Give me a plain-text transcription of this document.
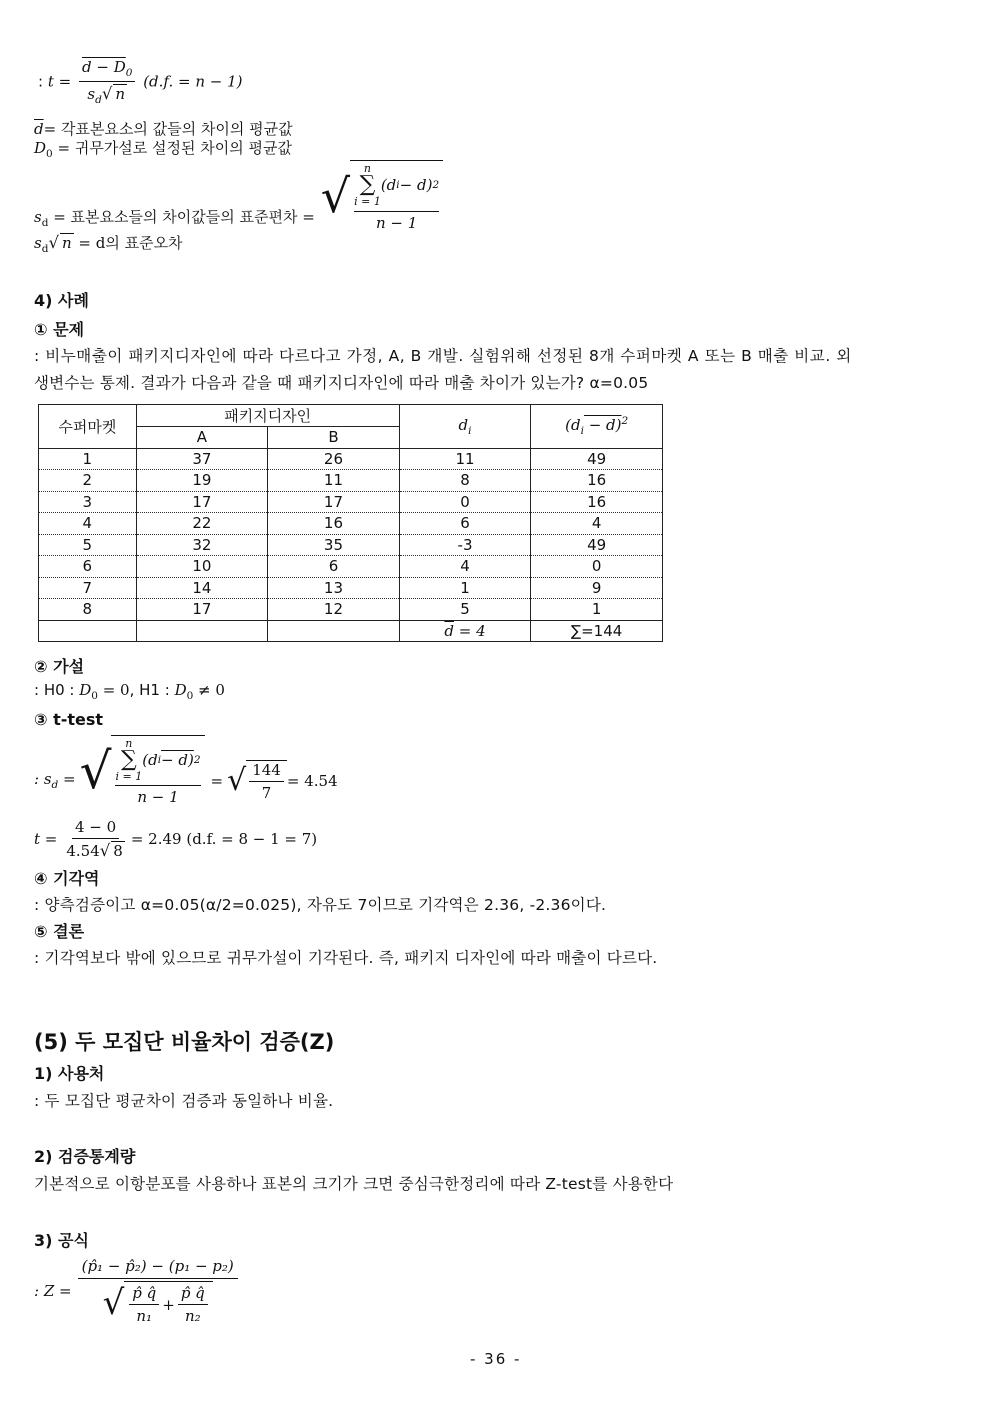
: $t = \frac{d - D_0}{s_d√ n} (d.f$. = n − 1)
$\overline{d}=$ 각표본요소의 값들의 차이의 평균값
$D_0$ = 귀무가설로 설정된 차이의 평균값
$s_d$ = 표본요소들의 차이값들의 표준편차 = √
n
∑
i = 1
(d i − d) 2
n − 1
$s_d√$ n = d의 표준오차
4) 사례
① 문제
: 비누매출이 패키지디자인에 따라 다르다고 가정, A, B 개발. 실험위해 선정된 8개 수퍼마켓 A 또는 B 매출 비교. 외
생변수는 통제. 결과가 다음과 같을 때 패키지디자인에 따라 매출 차이가 있는가? α=0.05
수퍼마켓	패키지디자인		$d_i$	$(d_i - d)^2$
	A	B		
1	37	26	11	49
2	19	11	8	16
3	17	17	0	16
4	22	16	6	4
5	32	35	-3	49
6	10	6	4	0
7	14	13	1	9
8	17	12	5	1
			$\overline{d} = 4$	∑=144
② 가설
: H0 : $D_0 = 0$, H1 : $D_0 \ne 0$
③ t-test
: $s_d$ = √ n
∑
i = 1
(d i − d) 2
n − 1 = √ $\frac{144}{7} = 4.54$
$t = \frac{4 - 0}{4.54√ 8} = 2.49$ (d.f. = 8 − 1 = 7)
④ 기각역
: 양측검증이고 α=0.05(α/2=0.025), 자유도 7이므로 기각역은 2.36, -2.36이다.
⑤ 결론
: 기각역보다 밖에 있으므로 귀무가설이 기각된다. 즉, 패키지 디자인에 따라 매출이 다르다.
(5) 두 모집단 비율차이 검증(Z)
1) 사용처
: 두 모집단 평균차이 검증과 동일하나 비율.
2) 검증통계량
기본적으로 이항분포를 사용하나 표본의 크기가 크면 중심극한정리에 따라 Z-test를 사용한다
3) 공식
: $Z = \frac{\text{(p̂₁ − p̂₂) − (p₁ − p₂)}}{√ \frac{p̂ q̂}{\text{n₁}} + \frac{p̂ q̂}{\text{n₂}}}$
- 36 -
